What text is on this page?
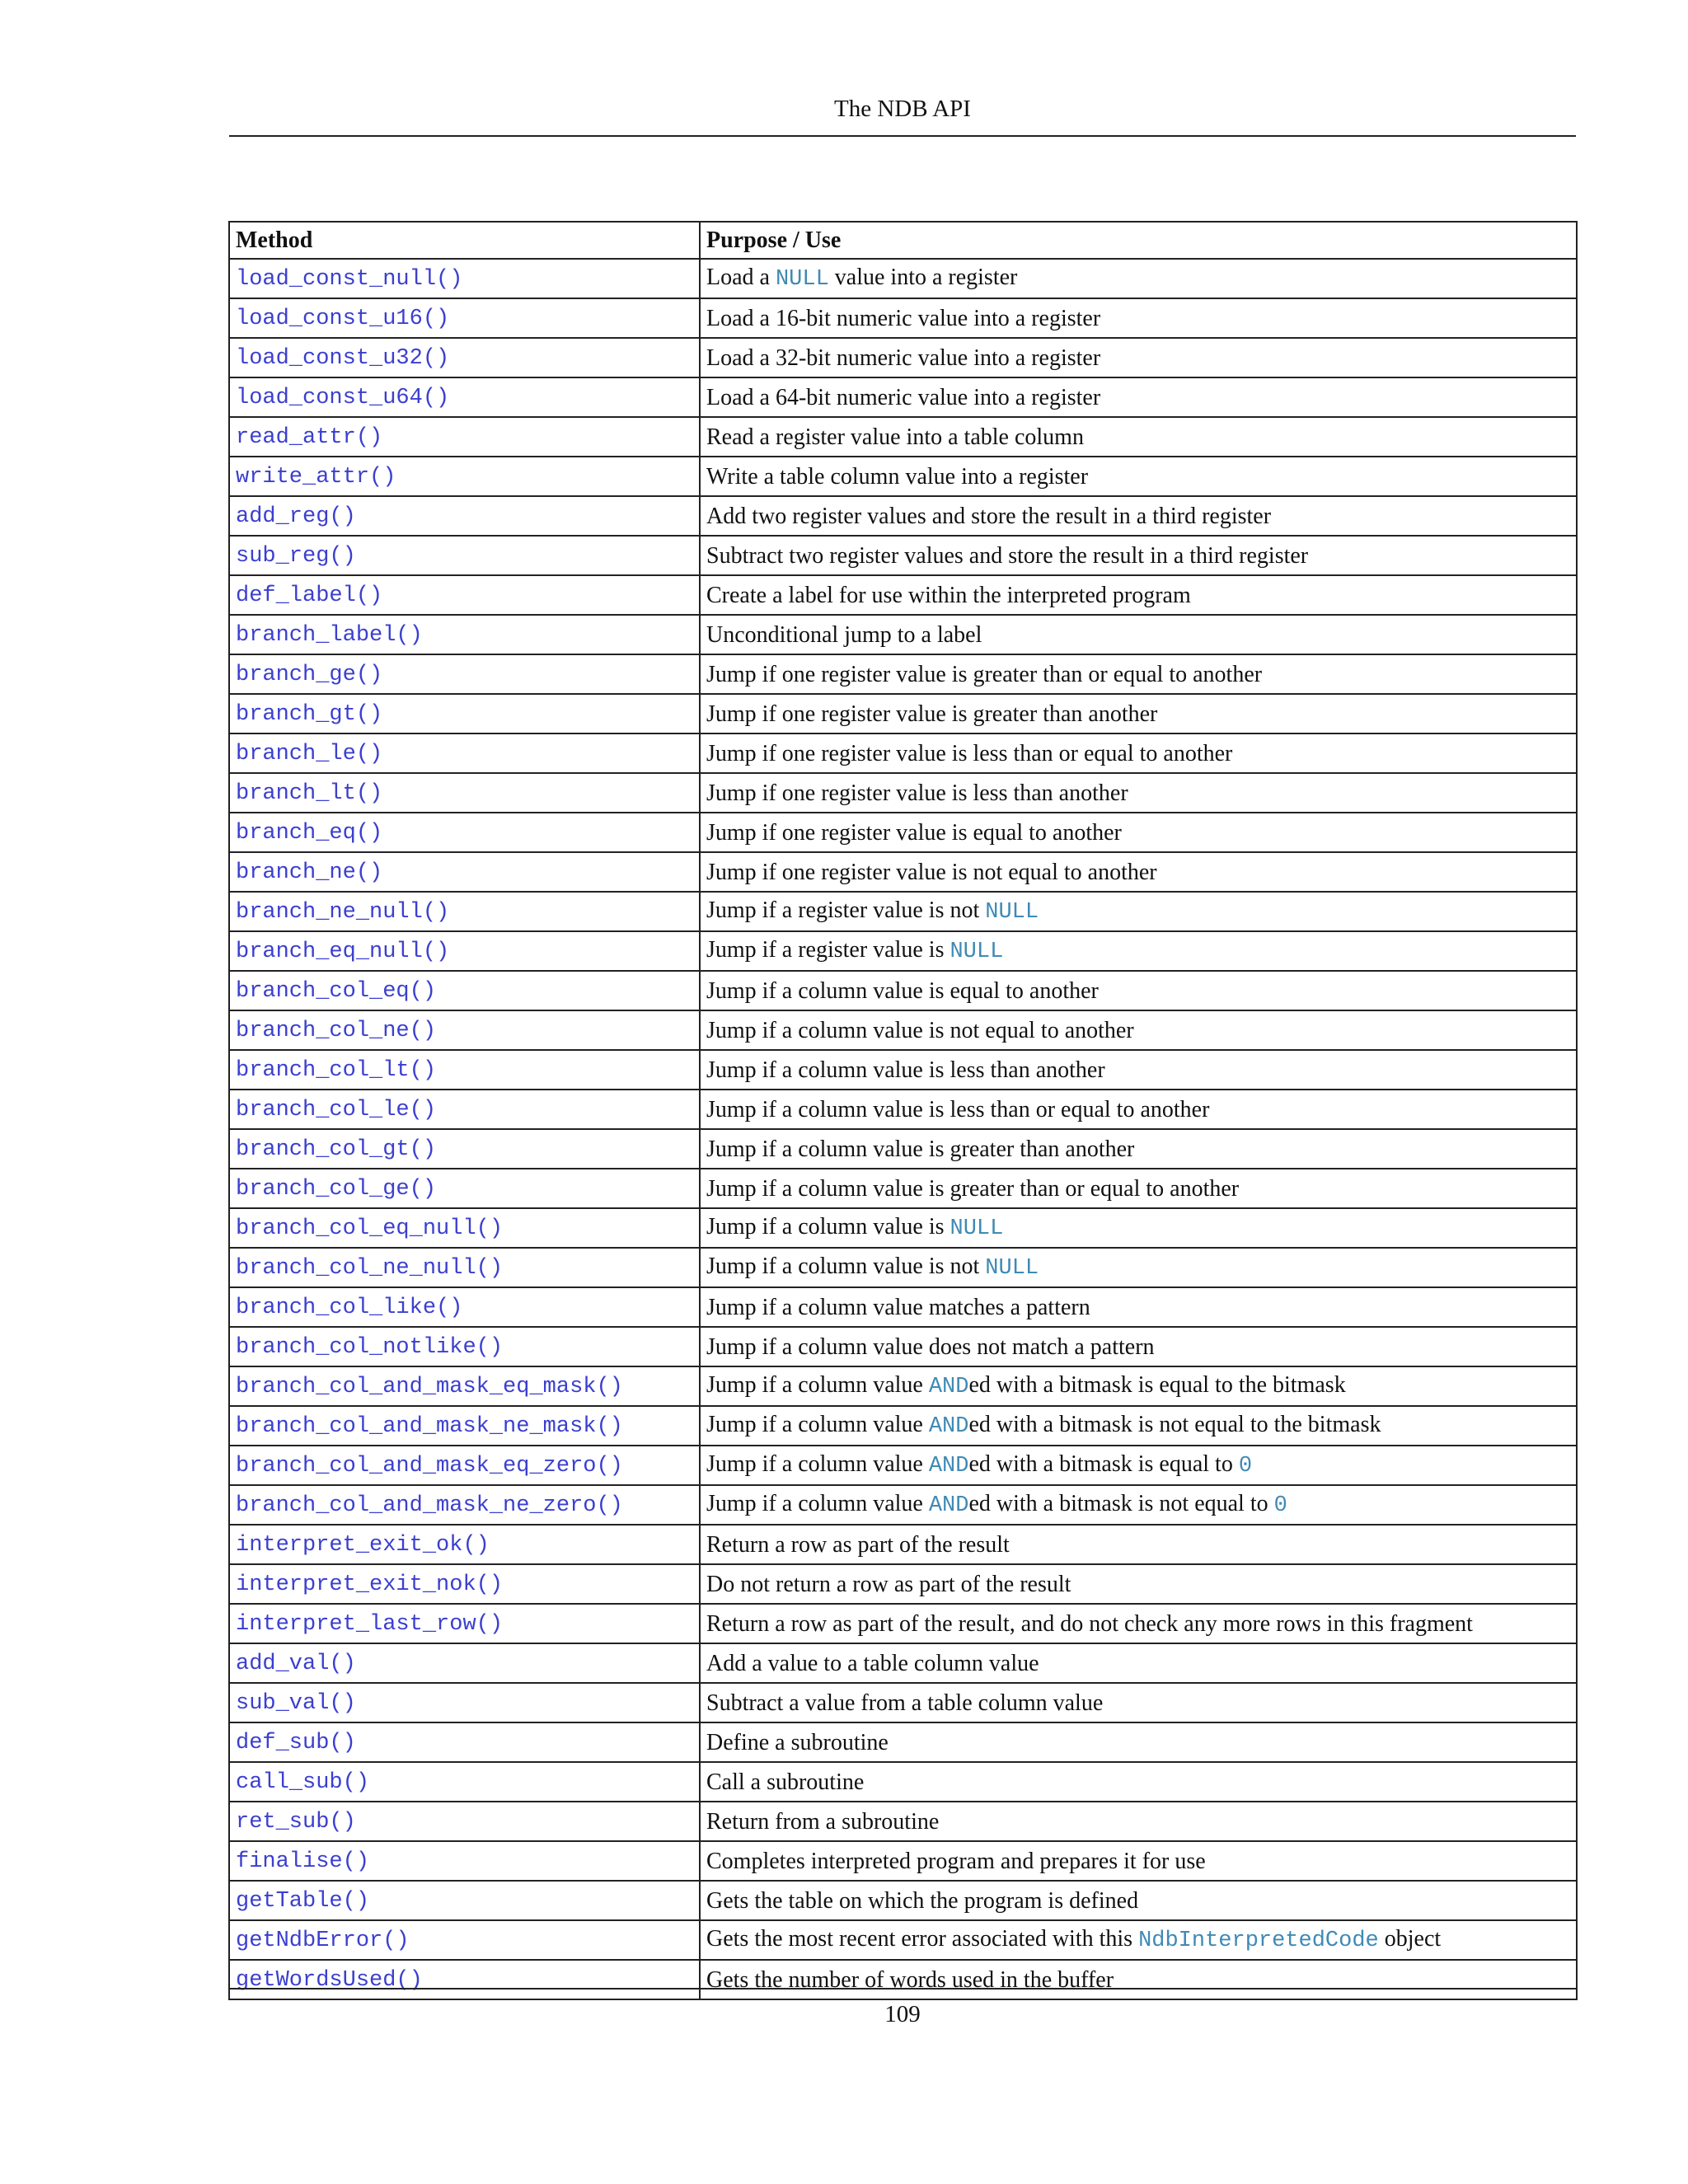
The NDB API
Method	Purpose / Use
load_const_null()	Load a NULL value into a register
load_const_u16()	Load a 16-bit numeric value into a register
load_const_u32()	Load a 32-bit numeric value into a register
load_const_u64()	Load a 64-bit numeric value into a register
read_attr()	Read a register value into a table column
write_attr()	Write a table column value into a register
add_reg()	Add two register values and store the result in a third register
sub_reg()	Subtract two register values and store the result in a third register
def_label()	Create a label for use within the interpreted program
branch_label()	Unconditional jump to a label
branch_ge()	Jump if one register value is greater than or equal to another
branch_gt()	Jump if one register value is greater than another
branch_le()	Jump if one register value is less than or equal to another
branch_lt()	Jump if one register value is less than another
branch_eq()	Jump if one register value is equal to another
branch_ne()	Jump if one register value is not equal to another
branch_ne_null()	Jump if a register value is not NULL
branch_eq_null()	Jump if a register value is NULL
branch_col_eq()	Jump if a column value is equal to another
branch_col_ne()	Jump if a column value is not equal to another
branch_col_lt()	Jump if a column value is less than another
branch_col_le()	Jump if a column value is less than or equal to another
branch_col_gt()	Jump if a column value is greater than another
branch_col_ge()	Jump if a column value is greater than or equal to another
branch_col_eq_null()	Jump if a column value is NULL
branch_col_ne_null()	Jump if a column value is not NULL
branch_col_like()	Jump if a column value matches a pattern
branch_col_notlike()	Jump if a column value does not match a pattern
branch_col_and_mask_eq_mask()	Jump if a column value ANDed with a bitmask is equal to the bitmask
branch_col_and_mask_ne_mask()	Jump if a column value ANDed with a bitmask is not equal to the bitmask
branch_col_and_mask_eq_zero()	Jump if a column value ANDed with a bitmask is equal to 0
branch_col_and_mask_ne_zero()	Jump if a column value ANDed with a bitmask is not equal to 0
interpret_exit_ok()	Return a row as part of the result
interpret_exit_nok()	Do not return a row as part of the result
interpret_last_row()	Return a row as part of the result, and do not check any more rows in this fragment
add_val()	Add a value to a table column value
sub_val()	Subtract a value from a table column value
def_sub()	Define a subroutine
call_sub()	Call a subroutine
ret_sub()	Return from a subroutine
finalise()	Completes interpreted program and prepares it for use
getTable()	Gets the table on which the program is defined
getNdbError()	Gets the most recent error associated with this NdbInterpretedCode object
getWordsUsed()	Gets the number of words used in the buffer
109
